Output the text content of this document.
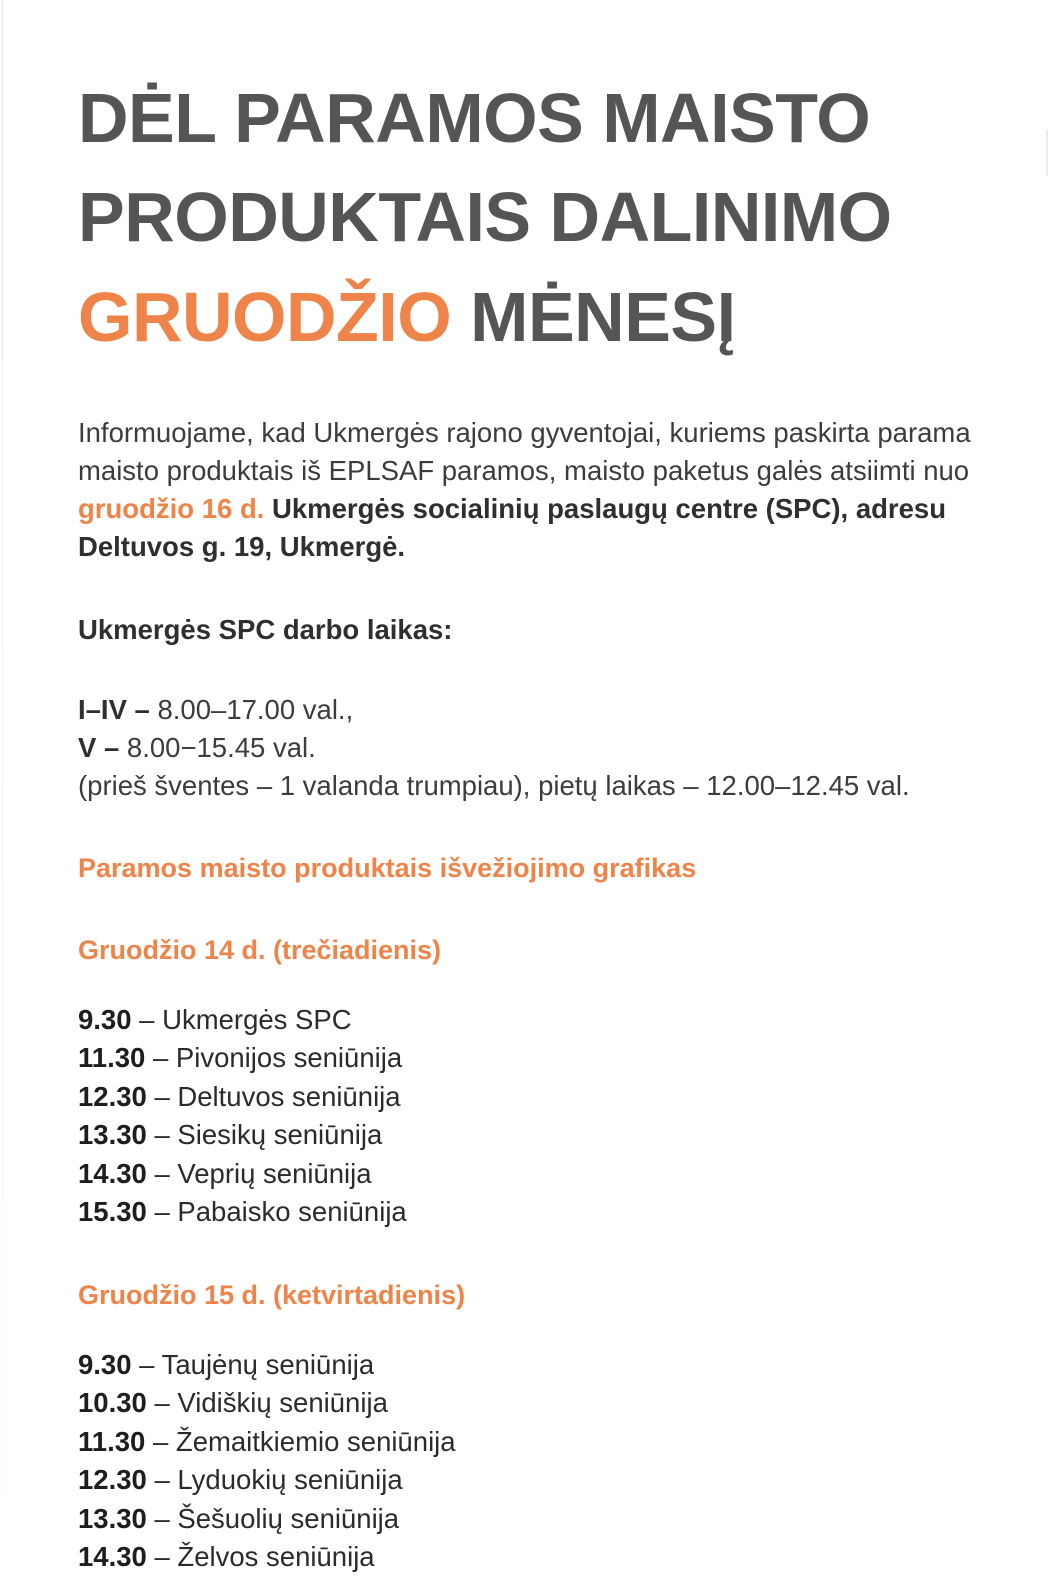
DĖL PARAMOS MAISTO
PRODUKTAIS DALINIMO
GRUODŽIO MĖNESĮ

Informuojame, kad Ukmergės rajono gyventojai, kuriems paskirta parama maisto produktais iš EPLSAF paramos, maisto paketus galės atsiimti nuo gruodžio 16 d. Ukmergės socialinių paslaugų centre (SPC), adresu Deltuvos g. 19, Ukmergė.

Ukmergės SPC darbo laikas:

I–IV – 8.00–17.00 val.,
V – 8.00−15.45 val.
(prieš šventes – 1 valanda trumpiau), pietų laikas – 12.00–12.45 val.

Paramos maisto produktais išvežiojimo grafikas

Gruodžio 14 d. (trečiadienis)
9.30 – Ukmergės SPC
11.30 – Pivonijos seniūnija
12.30 – Deltuvos seniūnija
13.30 – Siesikų seniūnija
14.30 – Veprių seniūnija
15.30 – Pabaisko seniūnija
Gruodžio 15 d. (ketvirtadienis)
9.30 – Taujėnų seniūnija
10.30 – Vidiškių seniūnija
11.30 – Žemaitkiemio seniūnija
12.30 – Lyduokių seniūnija
13.30 – Šešuolių seniūnija
14.30 – Želvos seniūnija
